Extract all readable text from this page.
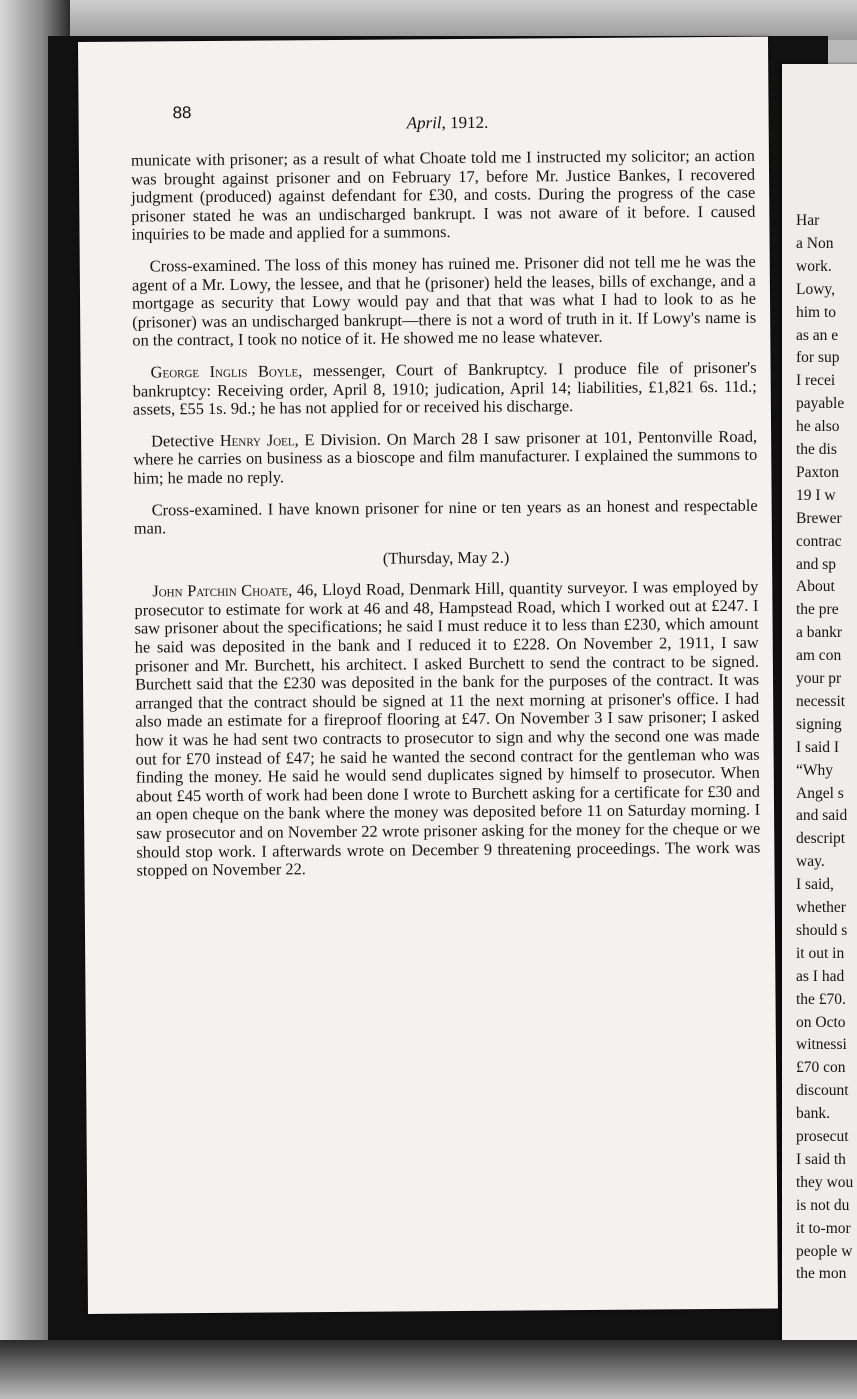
Har
a Non
work.
Lowy,
him to
as an e
for sup
I recei
payable
he also
the dis
Paxton
19 I w
Brewer
contrac
and sp
About
the pre
a bankr
am con
your pr
necessit
signing
I said I
“Why
Angel s
and said
descript
way.
I said,
whether
should s
it out in
as I had
the £70.
on Octo
witnessi
£70 con
discount
bank.
prosecut
I said th
they wou
is not du
it to-mor
people w
the mon
88
April, 1912.

municate with prisoner; as a result of what Choate told me I instructed my solicitor; an action was brought against prisoner and on February 17, before Mr. Justice Bankes, I recovered judgment (produced) against defendant for £30, and costs. During the progress of the case prisoner stated he was an undischarged bankrupt. I was not aware of it before. I caused inquiries to be made and applied for a summons.

Cross-examined. The loss of this money has ruined me. Prisoner did not tell me he was the agent of a Mr. Lowy, the lessee, and that he (prisoner) held the leases, bills of exchange, and a mortgage as security that Lowy would pay and that that was what I had to look to as he (prisoner) was an undischarged bankrupt—there is not a word of truth in it. If Lowy's name is on the contract, I took no notice of it. He showed me no lease whatever.

George Inglis Boyle, messenger, Court of Bankruptcy. I produce file of prisoner's bankruptcy: Receiving order, April 8, 1910; judication, April 14; liabilities, £1,821 6s. 11d.; assets, £55 1s. 9d.; he has not applied for or received his discharge.

Detective Henry Joel, E Division. On March 28 I saw prisoner at 101, Pentonville Road, where he carries on business as a bioscope and film manufacturer. I explained the summons to him; he made no reply.

Cross-examined. I have known prisoner for nine or ten years as an honest and respectable man.

(Thursday, May 2.)

John Patchin Choate, 46, Lloyd Road, Denmark Hill, quantity surveyor. I was employed by prosecutor to estimate for work at 46 and 48, Hampstead Road, which I worked out at £247. I saw prisoner about the specifications; he said I must reduce it to less than £230, which amount he said was deposited in the bank and I reduced it to £228. On November 2, 1911, I saw prisoner and Mr. Burchett, his architect. I asked Burchett to send the contract to be signed. Burchett said that the £230 was deposited in the bank for the purposes of the contract. It was arranged that the contract should be signed at 11 the next morning at prisoner's office. I had also made an estimate for a fireproof flooring at £47. On November 3 I saw prisoner; I asked how it was he had sent two contracts to prosecutor to sign and why the second one was made out for £70 instead of £47; he said he wanted the second contract for the gentleman who was finding the money. He said he would send duplicates signed by himself to prosecutor. When about £45 worth of work had been done I wrote to Burchett asking for a certificate for £30 and an open cheque on the bank where the money was deposited before 11 on Saturday morning. I saw prosecutor and on November 22 wrote prisoner asking for the money for the cheque or we should stop work. I afterwards wrote on December 9 threatening proceedings. The work was stopped on November 22.
